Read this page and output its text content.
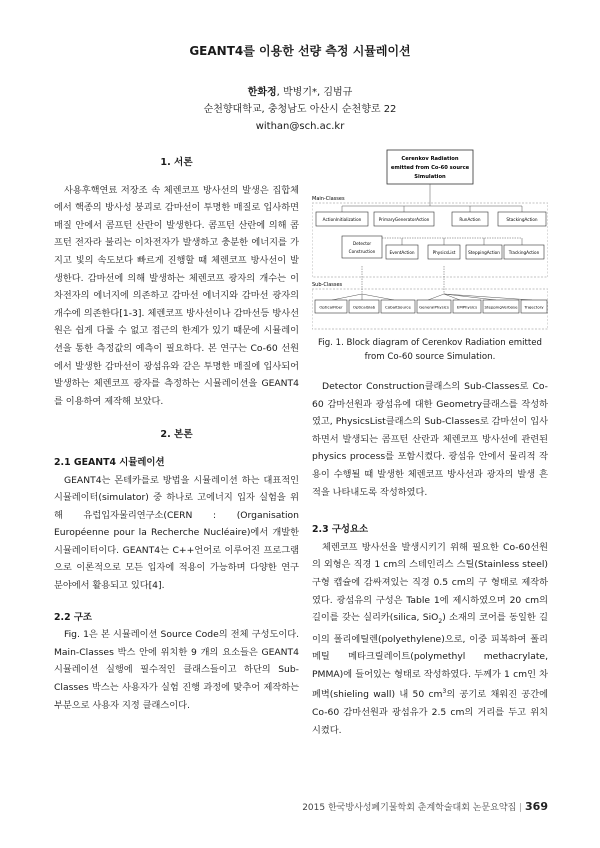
GEANT4를 이용한 선량 측정 시뮬레이션
한화정, 박병기*, 김범규
순천향대학교, 충청남도 아산시 순천향로 22
withan@sch.ac.kr
1. 서론

사용후핵연료 저장조 속 체렌코프 방사선의 발생은 집합체에서 핵종의 방사성 붕괴로 감마선이 투명한 매질로 입사하면 매질 안에서 콤프턴 산란이 발생한다. 콤프턴 산란에 의해 콤프턴 전자라 불리는 이차전자가 발생하고 충분한 에너지를 가지고 빛의 속도보다 빠르게 진행할 때 체렌코프 방사선이 발생한다. 감마선에 의해 발생하는 체렌코프 광자의 개수는 이차전자의 에너지에 의존하고 감마선 에너지와 감마선 광자의 개수에 의존한다[1-3]. 체렌코프 방사선이나 감마선등 방사선원은 쉽게 다룰 수 없고 접근의 한계가 있기 때문에 시뮬레이션을 통한 측정값의 예측이 필요하다. 본 연구는 Co-60 선원에서 발생한 감마선이 광섬유와 같은 투명한 매질에 입사되어 발생하는 체렌코프 광자를 측정하는 시뮬레이션을 GEANT4를 이용하여 제작해 보았다.

2. 본론
2.1 GEANT4 시뮬레이션

GEANT4는 몬테카를로 방법을 시뮬레이션 하는 대표적인 시뮬레이터(simulator) 중 하나로 고에너지 입자 실험을 위해 유럽입자물리연구소(CERN : (Organisation Européenne pour la Recherche Nucléaire)에서 개발한 시뮬레이터이다. GEANT4는 C++언어로 이루어진 프로그램으로 이론적으로 모든 입자에 적용이 가능하며 다양한 연구 분야에서 활용되고 있다[4].

2.2 구조

Fig. 1은 본 시뮬레이션 Source Code의 전체 구성도이다. Main-Classes 박스 안에 위치한 9 개의 요소들은 GEANT4 시뮬레이션 실행에 필수적인 클래스들이고 하단의 Sub-Classes 박스는 사용자가 실험 진행 과정에 맞추어 제작하는 부분으로 사용자 지정 클래스이다.

Cerenkov Radiation
emitted from Co-60 source
Simulation
Main-Classes
ActionInitialization	PrimaryGeneratorAction	RunAction	StackingAction
Detector
Construction	EventAction	PhysicsList	SteppingAction TrackingAction
Sub-Classes
OpticalFiber	OpticalSlab	CobaltSource GeneralPhysics EMPhysics SteppingVerbose Trajectory
Fig. 1. Block diagram of Cerenkov Radiation emitted from Co-60 source Simulation.

Detector Construction클래스의 Sub-Classes로 Co-60 감마선원과 광섬유에 대한 Geometry클래스를 작성하였고, PhysicsList클래스의 Sub-Classes로 감마선이 입사하면서 발생되는 콤프턴 산란과 체렌코프 방사선에 관련된 physics process를 포함시켰다. 광섬유 안에서 물리적 작용이 수행될 때 발생한 체렌코프 방사선과 광자의 발생 흔적을 나타내도록 작성하였다.

2.3 구성요소

체렌코프 방사선을 발생시키기 위해 필요한 Co-60선원의 외형은 직경 1 cm의 스테인리스 스틸(Stainless steel) 구형 캡슐에 감싸져있는 직경 0.5 cm의 구 형태로 제작하였다. 광섬유의 구성은 Table 1에 제시하였으며 20 cm의 길이를 갖는 실리카(silica, SiO$_2$) 소재의 코어를 동일한 길이의 폴리에틸렌(polyethylene)으로, 이중 피복하여 폴리메틸 메타크릴레이트(polymethyl methacrylate, PMMA)에 들어있는 형태로 작성하였다. 두께가 1 cm인 차폐벽(shieling wall) 내 50 $cm^3$의 공기로 채워진 공간에 Co-60 감마선원과 광섬유가 2.5 cm의 거리를 두고 위치시켰다.

2015 한국방사성폐기물학회 춘계학술대회 논문요약집 | 369
